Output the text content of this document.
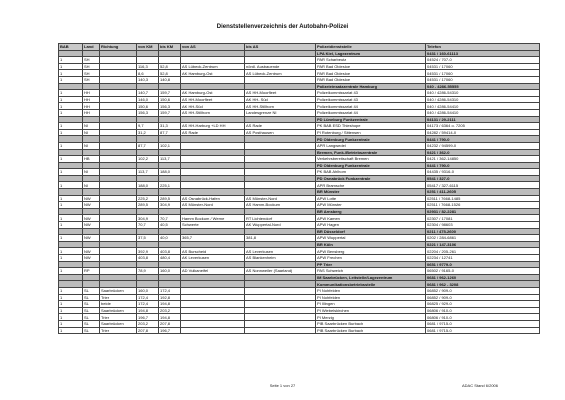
Dienststellenverzeichnis der Autobahn-Polizei
BAB	Land	Richtung	von KM	bis KM	von AS	bis AS	Polizeidienststelle	Telefon
							LPA Kiel, Lagezentrum	0431 / 160-61113
1	SH						PAR Scharbeutz	04524 / 707-0
1	SH		116,3	52,8	AS Lübeck-Zentrum	nördl. Ausbauende	PAR Bad Oldesloe	04531 / 17060
1	SH		8,6	52,8	AK Hamburg-Ost	AS Lübeck-Zentrum	PAR Bad Oldesloe	04531 / 17060
1	SH		140,3	140,8			PAR Bad Oldesloe	04531 / 17060
							Polizeieinsatzzentrale Hamburg	040 - 4286-55555
1	HH		140,7	159,7	AK Hamburg-Ost	AS HH-Moorfleet	Polizeikommissariat 43	040 / 4286-54310
1	HH		146,0	150,6	AS HH-Moorfleet	AK HH- Süd	Polizeikommissariat 43	040 / 4286-54310
1	HH		150,6	156,3	AK HH-Süd	AS HH-Stillhorn	Polizeikommissariat 44	040 / 4286-54410
1	HH		156,3	159,7	AS HH-Stillhorn	Landesgrenze NI	Polizeikommissariat 44	040 / 4286-54410
							PD Lüneburg Funkzentrale	04131 / 29-2111
1	NI		9,7	31,3	AS HH-Harburg +LD HH	AS Rade	PK BAB ESD Thieshope	04173 / 6364 o. 7205
1	NI		31,2	87,7	AS Rade	AS Posthausen	PI Rotenburg / Sittensen	04282 / 59414-0
							PD Oldenburg Funkzentrale	0441 / 790-0
1	NI		87,7	102,1			APR Langwedel	04232 / 94599-0
							Bremen, Funk-/Betriebszentrale	0421 / 362-0
1	HB		102,2	113,7			Verkehrsbereitschaft Bremen	0421 / 362-14850
							PD Oldenburg Funkzentrale	0441 / 790-0
1	NI		113,7	188,0			PK BAB Ahlhorn	04435 / 9316-0
							PD Osnabrück Funkzentrale	0541 / 327-0
1	NI		188,0	225,1			APR Bramsche	05417 / 327-6115
							BR Münster	0251 / 411-2605
1	NW		225,2	289,5	AS Osnabrück-Hafen	AS Münster-Nord	APW Lotte	02511 / 7668-1485
1	NW		289,5	304,9	AS Münster-Nord	AS Hamm-Bockum	APW Münster	02511 / 7668-1526
							BR Arnsberg	02931 / 82-2281
1	NW		304,9	70,7	Hamm Bockum / Werne	RT Lichtendorf	APW Kamen	02307 / 17081
1	NW		70,7	40,5	Schwerte	AK Wuppertal-Nord	APW Hagen	02304 / 98603
							BR Düsseldorf	0211 / 475-2600
1	NW		37,5	40,0	365,7	381,8	APW Wuppertal	0202 / 284-6861
							BR Köln	0221 / 147-3106
1	NW		392,9	403,8	AS Burscheid	AS Leverkusen	APW Bensberg	02204 / 205-261
1	NW		403,8	480,4	AK Leverkusen	AS Blankenheim	APW Frechen	02234 / 12741
							PP Trier	0651 / 9779-0
1	RP		78,9	160,0	AD Vulkaneifel	AS Nonnweiler (Saarland)	PAS Schweich	06502 / 9165-0
							IM Saarbrücken, Leitstelle/Lagezentrum	0681 / 962-1260
							Kommunikationsbetriebsstelle	0681 / 962 - 3208
1	SL	Saarbrücken	160,0	172,4			PI Nohfelden	06852 / 909-0
1	SL	Trier	172,4	192,8			PI Nohfelden	06852 / 909-0
1	SL	beide	172,4	194,8			PI Illingen	06825 / 929-0
1	SL	Saarbrücken	194,8	203,2			PI Wiebelskirchen	06806 / 910-0
1	SL	Trier	196,7	194,8			PI Merzig	06806 / 910-0
1	SL	Saarbrücken	203,2	207,8			PIB Saarbrücken Burbach	0681 / 9715-0
1	SL	Trier	207,8	196,7			PIB Saarbrücken Burbach	0681 / 9715-0
Seite 1 von 27	ADAC Stand 6/2006
